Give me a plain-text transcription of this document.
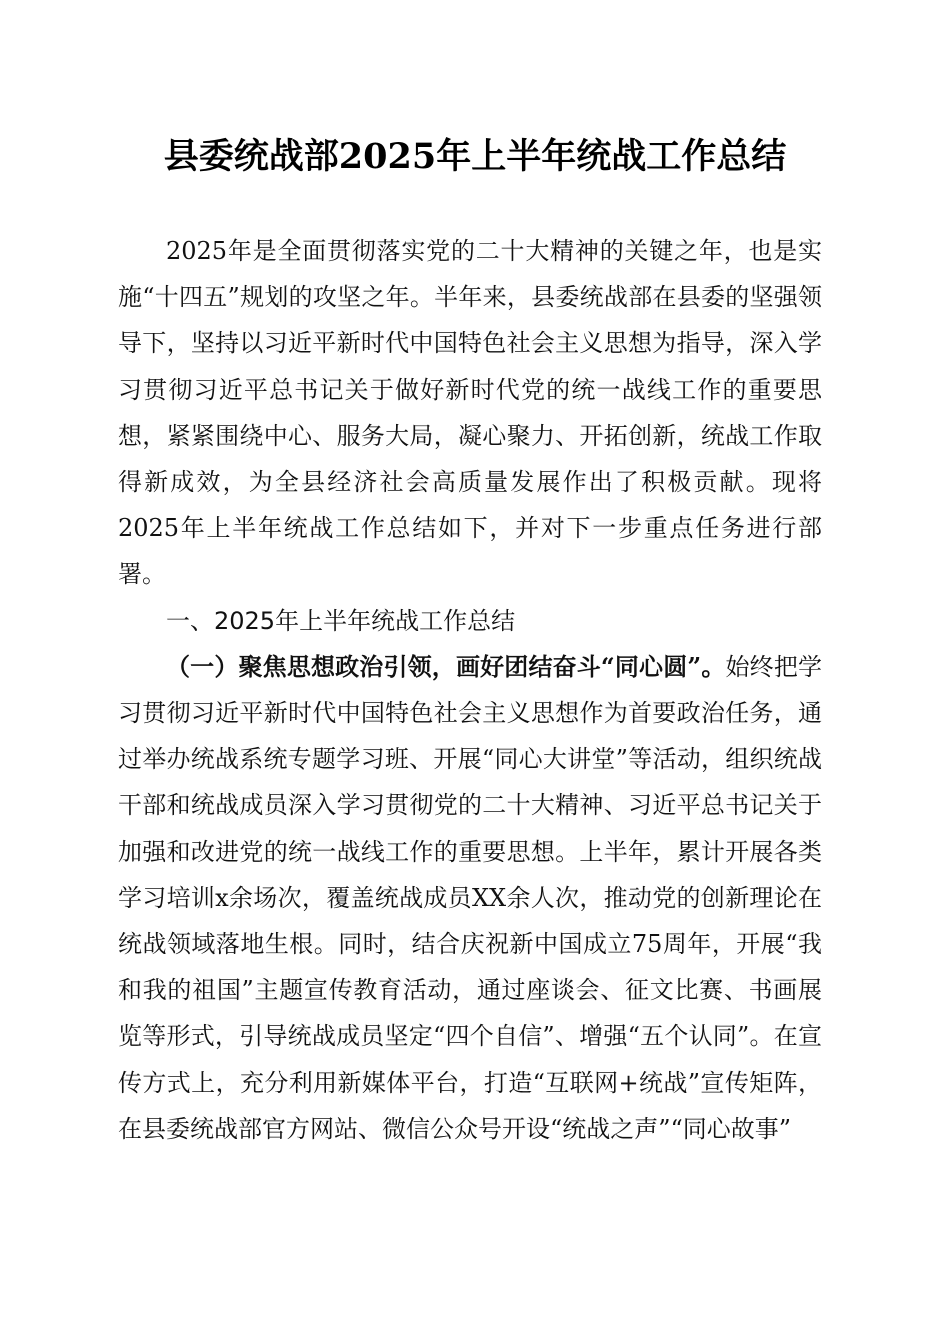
县委统战部2025年上半年统战工作总结

2025年是全面贯彻落实党的二十大精神的关键之年，也是实施“十四五”规划的攻坚之年。半年来，县委统战部在县委的坚强领导下，坚持以习近平新时代中国特色社会主义思想为指导，深入学习贯彻习近平总书记关于做好新时代党的统一战线工作的重要思想，紧紧围绕中心、服务大局，凝心聚力、开拓创新，统战工作取得新成效，为全县经济社会高质量发展作出了积极贡献。现将2025年上半年统战工作总结如下，并对下一步重点任务进行部署。

一、2025年上半年统战工作总结

（一）聚焦思想政治引领，画好团结奋斗“同心圆”。始终把学习贯彻习近平新时代中国特色社会主义思想作为首要政治任务，通过举办统战系统专题学习班、开展“同心大讲堂”等活动，组织统战干部和统战成员深入学习贯彻党的二十大精神、习近平总书记关于加强和改进党的统一战线工作的重要思想。上半年，累计开展各类学习培训x余场次，覆盖统战成员XX余人次，推动党的创新理论在统战领域落地生根。同时，结合庆祝新中国成立75周年，开展“我和我的祖国”主题宣传教育活动，通过座谈会、征文比赛、书画展览等形式，引导统战成员坚定“四个自信”、增强“五个认同”。在宣传方式上，充分利用新媒体平台，打造“互联网+统战”宣传矩阵，在县委统战部官方网站、微信公众号开设“统战之声”“同心故事”
